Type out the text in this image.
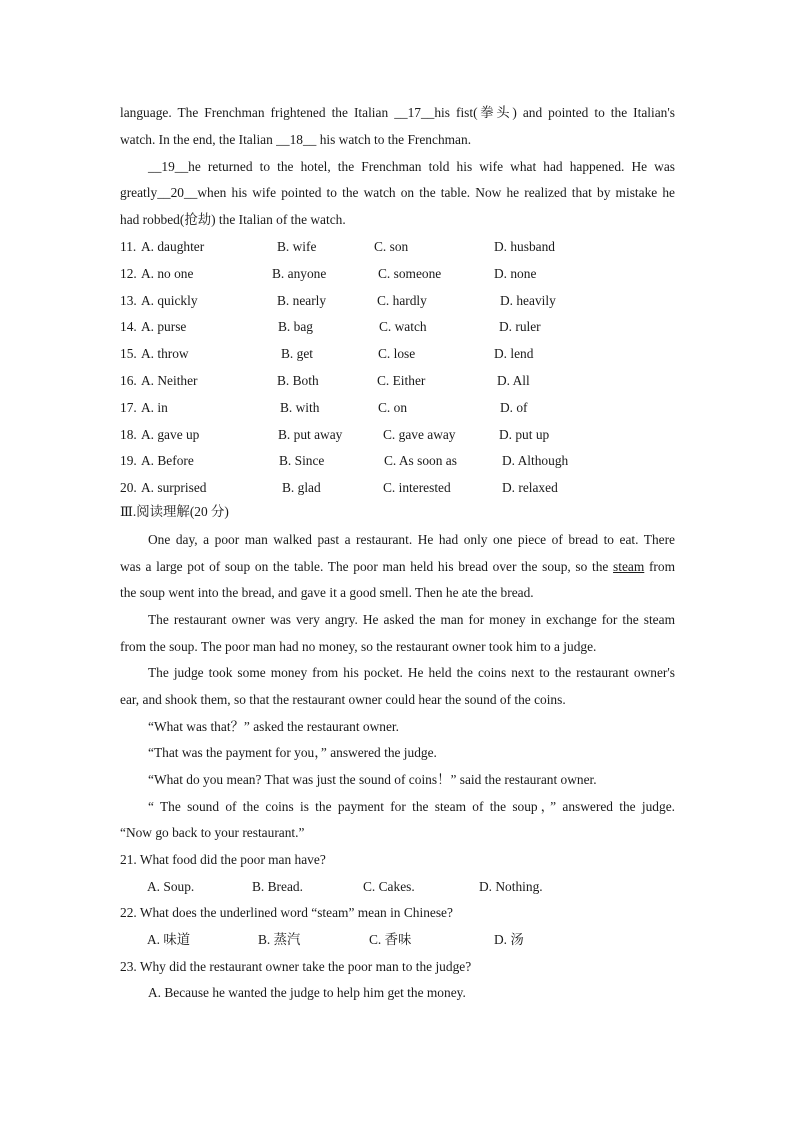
language. The Frenchman frightened the Italian __17__his fist(拳头) and pointed to the Italian's
watch. In the end, the Italian __18__ his watch to the Frenchman.
__19__he returned to the hotel, the Frenchman told his wife what had happened. He was
greatly__20__when his wife pointed to the watch on the table. Now he realized that by mistake he
had robbed(抢劫) the Italian of the watch.
11. A. daughter	B. wife	C. son	D. husband
12. A. no one	B. anyone	C. someone	D. none
13. A. quickly	B. nearly	C. hardly	D. heavily
14. A. purse	B. bag	C. watch	D. ruler
15. A. throw	B. get	C. lose	D. lend
16. A. Neither	B. Both	C. Either	D. All
17. A. in	B. with	C. on	D. of
18. A. gave up	B. put away	C. gave away	D. put up
19. A. Before	B. Since	C. As soon as	D. Although
20. A. surprised	B. glad	C. interested	D. relaxed
Ⅲ.阅读理解(20 分)
One day, a poor man walked past a restaurant. He had only one piece of bread to eat. There
was a large pot of soup on the table. The poor man held his bread over the soup, so the steam from
the soup went into the bread, and gave it a good smell. Then he ate the bread.
The restaurant owner was very angry. He asked the man for money in exchange for the steam
from the soup. The poor man had no money, so the restaurant owner took him to a judge.
The judge took some money from his pocket. He held the coins next to the restaurant owner's
ear, and shook them, so that the restaurant owner could hear the sound of the coins.
“What was that？” asked the restaurant owner.
“That was the payment for you，” answered the judge.
“What do you mean? That was just the sound of coins！” said the restaurant owner.
“ The sound of the coins is the payment for the steam of the soup，” answered the judge.
“Now go back to your restaurant.”
21. What food did the poor man have?
A. Soup.	B. Bread.	C. Cakes.	D. Nothing.
22. What does the underlined word “steam” mean in Chinese?
A. 味道	B. 蒸汽	C. 香味	D. 汤
23. Why did the restaurant owner take the poor man to the judge?
A. Because he wanted the judge to help him get the money.
